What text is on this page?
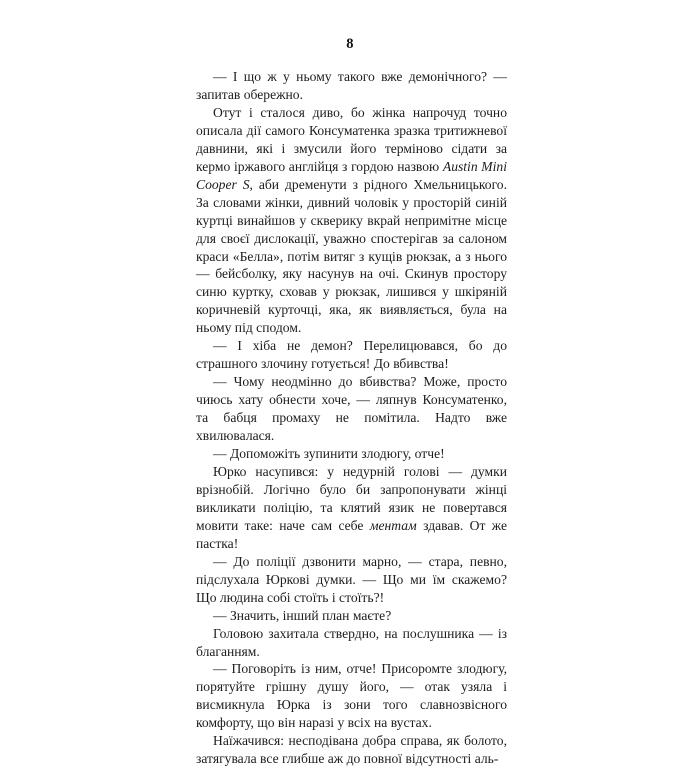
8

— І що ж у ньому такого вже демонічного? — запитав обережно.

Отут і сталося диво, бо жінка напрочуд точно описала дії самого Консуматенка зразка тритижневої давнини, які і змусили його терміново сідати за кермо іржавого англійця з гордою назвою Austin Mini Cooper S, аби дременути з рідного Хмельницького. За словами жінки, дивний чоловік у просторій синій куртці винайшов у скверику вкрай непримітне місце для своєї дислокації, уважно спостерігав за салоном краси «Белла», потім витяг з кущів рюкзак, а з нього — бейсболку, яку насунув на очі. Скинув простору синю куртку, сховав у рюкзак, лишився у шкіряній коричневій курточці, яка, як виявляється, була на ньому під сподом.

— І хіба не демон? Перелицювався, бо до страшного злочину готується! До вбивства!

— Чому неодмінно до вбивства? Може, просто чиюсь хату обнести хоче, — ляпнув Консуматенко, та бабця промаху не помітила. Надто вже хвилювалася.

— Допоможіть зупинити злодюгу, отче!

Юрко насупився: у недурній голові — думки врізнобій. Логічно було би запропонувати жінці викликати поліцію, та клятий язик не повертався мовити таке: наче сам себе ментам здавав. От же пастка!

— До поліції дзвонити марно, — стара, певно, підслухала Юркові думки. — Що ми їм скажемо? Що людина собі стоїть і стоїть?!

— Значить, інший план маєте?

Головою захитала ствердно, на послушника — із благанням.

— Поговоріть із ним, отче! Присоромте злодюгу, порятуйте грішну душу його, — отак узяла і висмикнула Юрка із зони того славнозвісного комфорту, що він наразі у всіх на вустах.

Наїжачився: несподівана добра справа, як болото, затягувала все глибше аж до повної відсутності аль-
